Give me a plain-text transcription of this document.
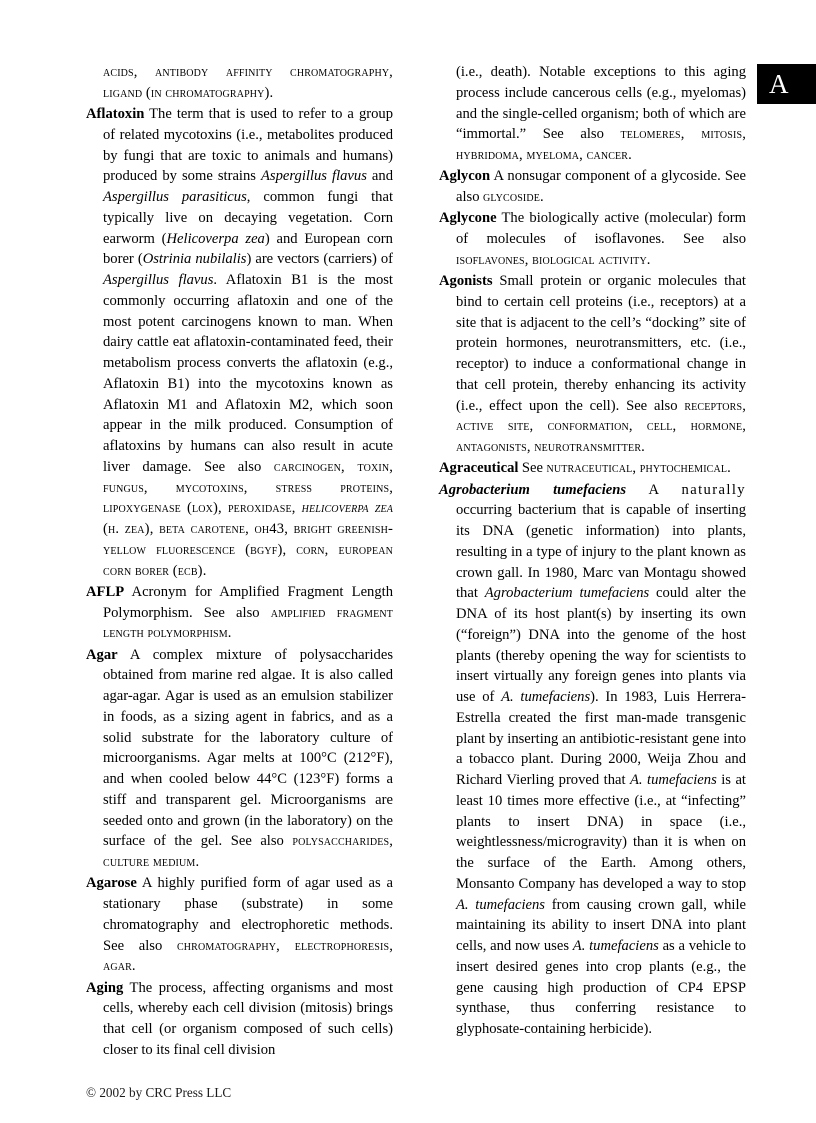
A

acids, antibody affinity chromatography, ligand (in chromatography).

Aflatoxin The term that is used to refer to a group of related mycotoxins (i.e., metabolites produced by fungi that are toxic to animals and humans) produced by some strains Aspergillus flavus and Aspergillus parasiticus, common fungi that typically live on decaying vegetation. Corn earworm (Helicoverpa zea) and European corn borer (Ostrinia nubilalis) are vectors (carriers) of Aspergillus flavus. Aflatoxin B1 is the most commonly occurring aflatoxin and one of the most potent carcinogens known to man. When dairy cattle eat aflatoxin-contaminated feed, their metabolism process converts the aflatoxin (e.g., Aflatoxin B1) into the mycotoxins known as Aflatoxin M1 and Aflatoxin M2, which soon appear in the milk produced. Consumption of aflatoxins by humans can also result in acute liver damage. See also carcinogen, toxin, fungus, mycotoxins, stress proteins, lipoxygenase (lox), peroxidase, helicoverpa zea (h. zea), beta carotene, oh43, bright greenish-yellow fluorescence (bgyf), corn, european corn borer (ecb).

AFLP Acronym for Amplified Fragment Length Polymorphism. See also amplified fragment length polymorphism.

Agar A complex mixture of polysaccharides obtained from marine red algae. It is also called agar-agar. Agar is used as an emulsion stabilizer in foods, as a sizing agent in fabrics, and as a solid substrate for the laboratory culture of microorganisms. Agar melts at 100°C (212°F), and when cooled below 44°C (123°F) forms a stiff and transparent gel. Microorganisms are seeded onto and grown (in the laboratory) on the surface of the gel. See also polysaccharides, culture medium.

Agarose A highly purified form of agar used as a stationary phase (substrate) in some chromatography and electrophoretic methods. See also chromatography, electrophoresis, agar.

Aging The process, affecting organisms and most cells, whereby each cell division (mitosis) brings that cell (or organism composed of such cells) closer to its final cell division

(i.e., death). Notable exceptions to this aging process include cancerous cells (e.g., myelomas) and the single-celled organism; both of which are “immortal.” See also telomeres, mitosis, hybridoma, myeloma, cancer.

Aglycon A nonsugar component of a glycoside. See also glycoside.

Aglycone The biologically active (molecular) form of molecules of isoflavones. See also isoflavones, biological activity.

Agonists Small protein or organic molecules that bind to certain cell proteins (i.e., receptors) at a site that is adjacent to the cell’s “docking” site of protein hormones, neurotransmitters, etc. (i.e., receptor) to induce a conformational change in that cell protein, thereby enhancing its activity (i.e., effect upon the cell). See also receptors, active site, conformation, cell, hormone, antagonists, neurotransmitter.

Agraceutical See nutraceutical, phytochemical.

Agrobacterium tumefaciens A naturally occurring bacterium that is capable of inserting its DNA (genetic information) into plants, resulting in a type of injury to the plant known as crown gall. In 1980, Marc van Montagu showed that Agrobacterium tumefaciens could alter the DNA of its host plant(s) by inserting its own (“foreign”) DNA into the genome of the host plants (thereby opening the way for scientists to insert virtually any foreign genes into plants via use of A. tumefaciens). In 1983, Luis Herrera-Estrella created the first man-made transgenic plant by inserting an antibiotic-resistant gene into a tobacco plant. During 2000, Weija Zhou and Richard Vierling proved that A. tumefaciens is at least 10 times more effective (i.e., at “infecting” plants to insert DNA) in space (i.e., weightlessness/microgravity) than it is when on the surface of the Earth. Among others, Monsanto Company has developed a way to stop A. tumefaciens from causing crown gall, while maintaining its ability to insert DNA into plant cells, and now uses A. tumefaciens as a vehicle to insert desired genes into crop plants (e.g., the gene causing high production of CP4 EPSP synthase, thus conferring resistance to glyphosate-containing herbicide).

© 2002 by CRC Press LLC
